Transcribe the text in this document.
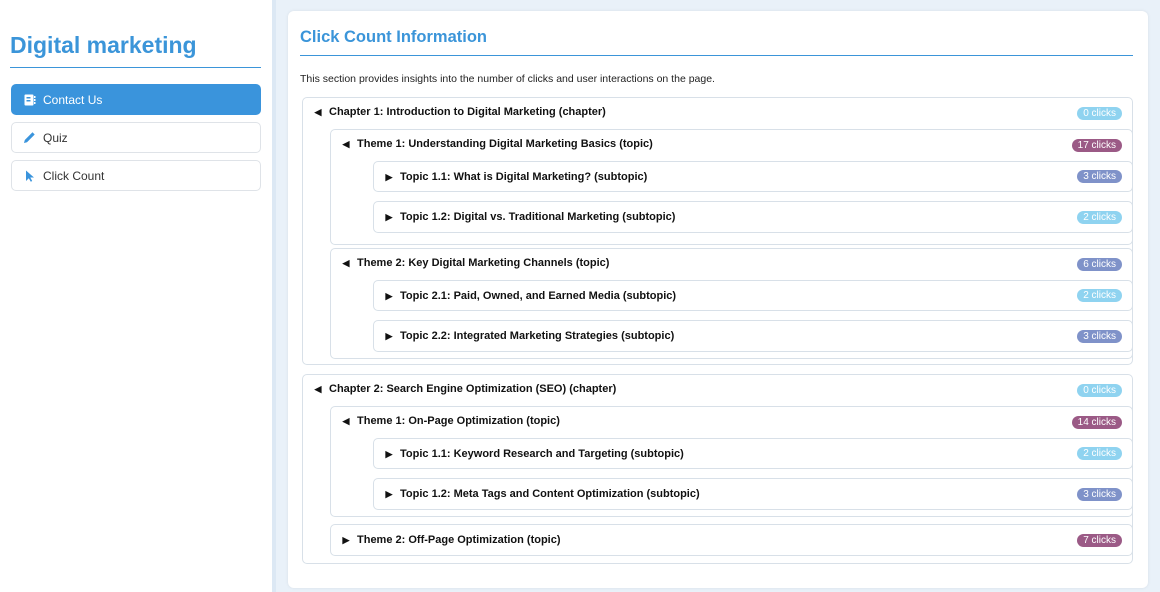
Digital marketing
Contact Us
Quiz
Click Count
Click Count Information
This section provides insights into the number of clicks and user interactions on the page.
◀ Chapter 1: Introduction to Digital Marketing (chapter)	0 clicks
◀ Theme 1: Understanding Digital Marketing Basics (topic)	17 clicks
▶ Topic 1.1: What is Digital Marketing? (subtopic)	3 clicks
▶ Topic 1.2: Digital vs. Traditional Marketing (subtopic)	2 clicks
◀ Theme 2: Key Digital Marketing Channels (topic)	6 clicks
▶ Topic 2.1: Paid, Owned, and Earned Media (subtopic)	2 clicks
▶ Topic 2.2: Integrated Marketing Strategies (subtopic)	3 clicks
◀ Chapter 2: Search Engine Optimization (SEO) (chapter)	0 clicks
◀ Theme 1: On-Page Optimization (topic)	14 clicks
▶ Topic 1.1: Keyword Research and Targeting (subtopic)	2 clicks
▶ Topic 1.2: Meta Tags and Content Optimization (subtopic)	3 clicks
▶ Theme 2: Off-Page Optimization (topic)	7 clicks
